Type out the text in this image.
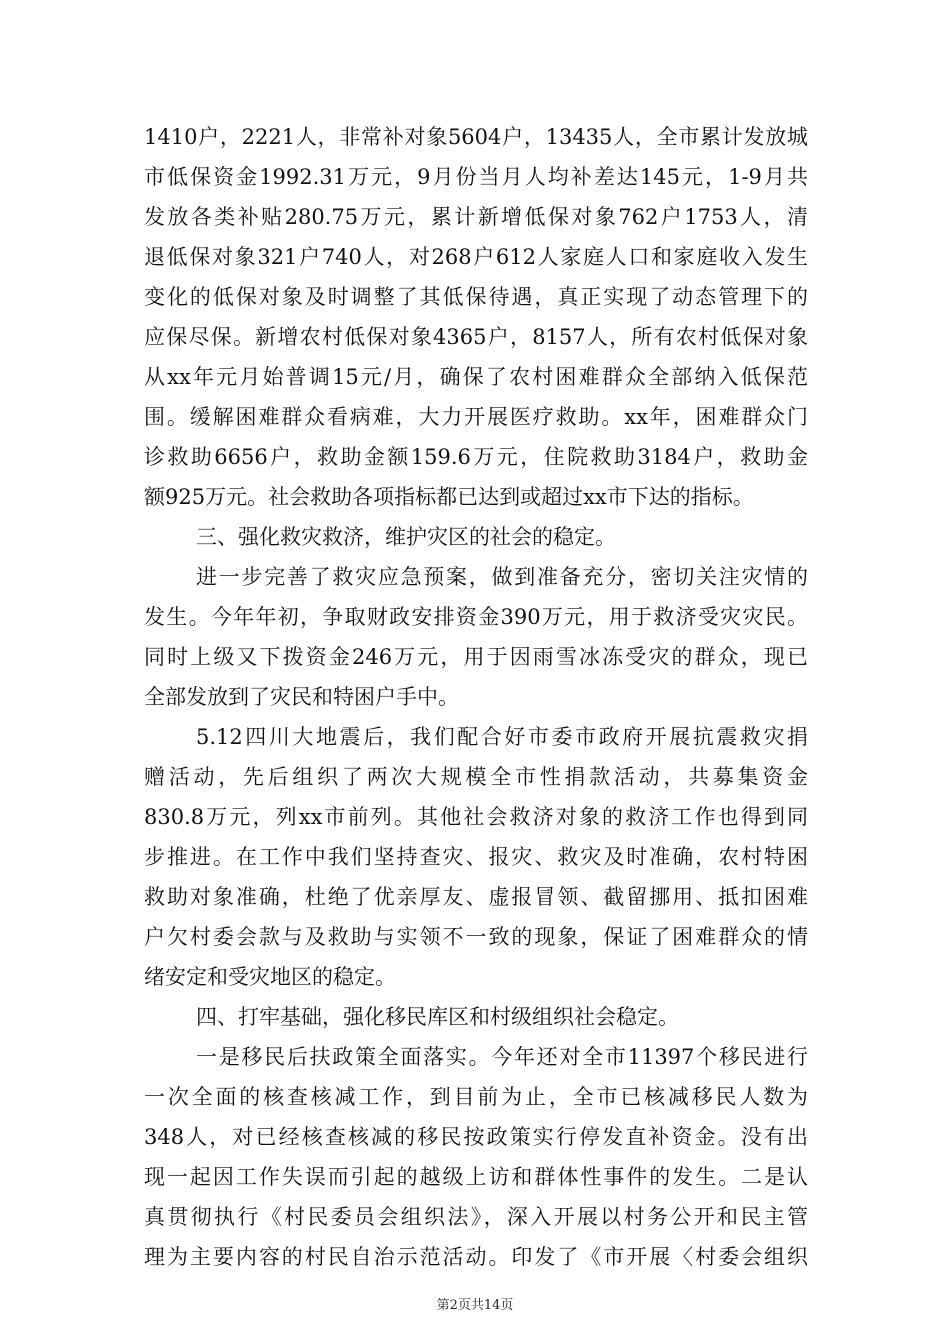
1410户，2221人，非常补对象5604户，13435人，全市累计发放城
市低保资金1992.31万元，9月份当月人均补差达145元，1-9月共
发放各类补贴280.75万元，累计新增低保对象762户1753人，清
退低保对象321户740人，对268户612人家庭人口和家庭收入发生
变化的低保对象及时调整了其低保待遇，真正实现了动态管理下的
应保尽保。新增农村低保对象4365户，8157人，所有农村低保对象
从xx年元月始普调15元/月，确保了农村困难群众全部纳入低保范
围。缓解困难群众看病难，大力开展医疗救助。xx年，困难群众门
诊救助6656户，救助金额159.6万元，住院救助3184户，救助金
额925万元。社会救助各项指标都已达到或超过xx市下达的指标。
三、强化救灾救济，维护灾区的社会的稳定。
进一步完善了救灾应急预案，做到准备充分，密切关注灾情的
发生。今年年初，争取财政安排资金390万元，用于救济受灾灾民。
同时上级又下拨资金246万元，用于因雨雪冰冻受灾的群众，现已
全部发放到了灾民和特困户手中。
5.12四川大地震后，我们配合好市委市政府开展抗震救灾捐
赠活动，先后组织了两次大规模全市性捐款活动，共募集资金
830.8万元，列xx市前列。其他社会救济对象的救济工作也得到同
步推进。在工作中我们坚持查灾、报灾、救灾及时准确，农村特困
救助对象准确，杜绝了优亲厚友、虚报冒领、截留挪用、抵扣困难
户欠村委会款与及救助与实领不一致的现象，保证了困难群众的情
绪安定和受灾地区的稳定。
四、打牢基础，强化移民库区和村级组织社会稳定。
一是移民后扶政策全面落实。今年还对全市11397个移民进行
一次全面的核查核减工作，到目前为止，全市已核减移民人数为
348人，对已经核查核减的移民按政策实行停发直补资金。没有出
现一起因工作失误而引起的越级上访和群体性事件的发生。二是认
真贯彻执行《村民委员会组织法》，深入开展以村务公开和民主管
理为主要内容的村民自治示范活动。印发了《市开展〈村委会组织
第2页共14页
